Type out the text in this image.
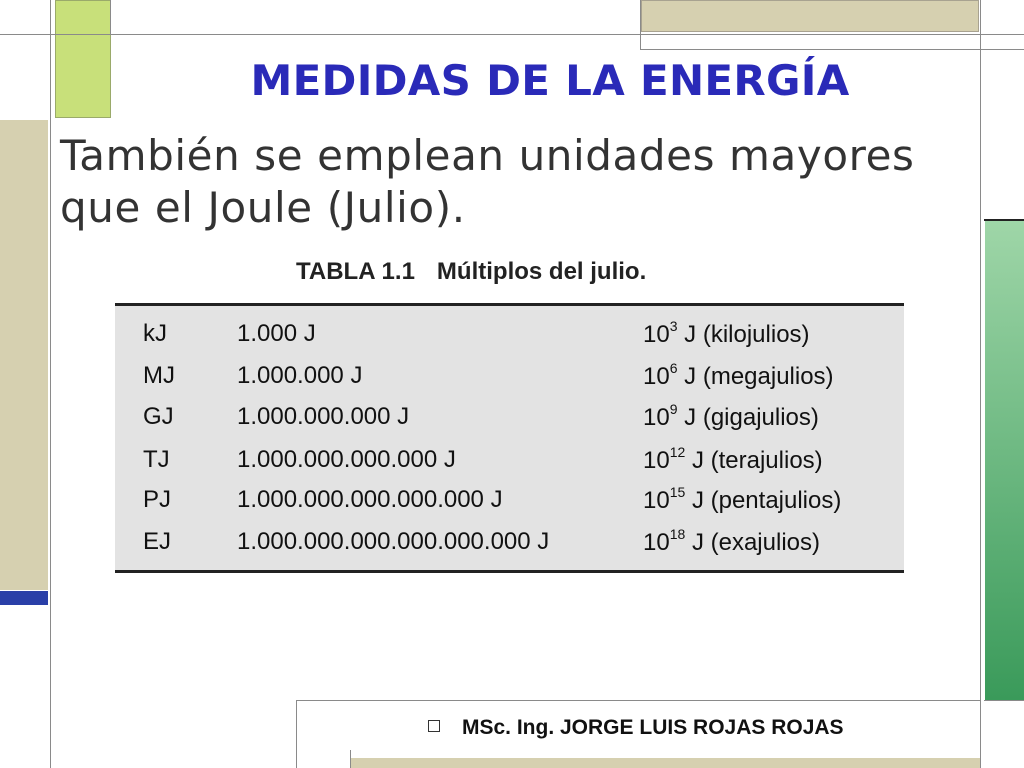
MEDIDAS DE LA ENERGÍA
También se emplean unidades mayores
que el Joule (Julio).
TABLA 1.1 Múltiplos del julio.
kJ	1.000 J	$10^3$ J (kilojulios)
MJ	1.000.000 J	$10^6$ J (megajulios)
GJ	1.000.000.000 J	$10^9$ J (gigajulios)
TJ	1.000.000.000.000 J	$10^{12}$ J (terajulios)
PJ	1.000.000.000.000.000 J	$10^{15}$ J (pentajulios)
EJ	1.000.000.000.000.000.000 J	$10^{18}$ J (exajulios)
MSc. Ing. JORGE LUIS ROJAS ROJAS
